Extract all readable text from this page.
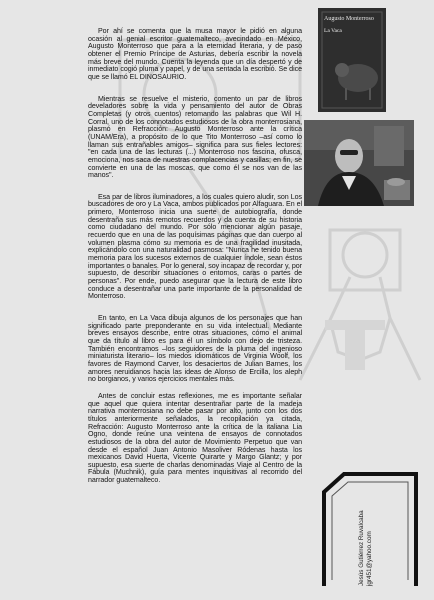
Augusto Monterroso
La Vaca

Por ahí se comenta que la musa mayor le pidió en alguna ocasión al genial escritor guatemalteco, avecindado en México, Augusto Monterroso que para a la eternidad literaria, y de paso obtener el Premio Príncipe de Asturias, debería escribir la novela más breve del mundo. Cuenta la leyenda que un día despertó y de inmediato cogió pluma y papel, y de una sentada la escribió. Se dice que se llamó EL DINOSAURIO.

Mientras se resuelve el misterio, comento un par de libros develadores sobre la vida y pensamiento del autor de Obras Completas (y otros cuentos) retomando las palabras que Wil H. Corral, uno de los connotados estudiosos de la obra monterrosiana, plasmó en Refracción: Augusto Monterroso ante la crítica (UNAM/Era), a propósito de lo que Tito Monterroso –así como lo llaman sus entrañables amigos– significa para sus fieles lectores: "en cada una de las lecturas (...) Monterroso nos fascina, ofusca, emociona, nos saca de nuestras complacencias y casillas; en fin, se convierte en una de las moscas, que como él se nos van de las manos".

Esa par de libros iluminadores, a los cuales quiero aludir, son Los buscadores de oro y La Vaca, ambos publicados por Alfaguara. En el primero, Monterroso inicia una suerte de autobiografía, donde desentraña sus más remotos recuerdos y da cuenta de su historia como ciudadano del mundo. Por sólo mencionar algún pasaje, recuerdo que en una de las poquísimas páginas que dan cuerpo al volumen plasma cómo su memoria es de una fragilidad inusitada, explicándolo con una naturalidad pasmosa: "Nunca he tenido buena memoria para los sucesos externos de cualquier índole, sean éstos importantes o banales. Por lo general, soy incapaz de recordar y, por supuesto, de describir situaciones o entornos, caras o partes de personas". Por ende, puedo asegurar que la lectura de este libro conduce a desentrañar una parte importante de la personalidad de Monterroso.

En tanto, en La Vaca dibuja algunos de los personajes que han significado parte preponderante en su vida intelectual. Mediante breves ensayos describe, entre otras situaciones, cómo el animal que da título al libro es para él un símbolo con dejo de tristeza. También encontramos –los seguidores de la pluma del ingenioso miniaturista literario– los miedos idiomáticos de Virginia Woolf, los favores de Raymond Carver, los desaciertos de Julian Barnes, los amores neruidianos hacia las ideas de Alonso de Ercilla, los aleph no borgianos, y varios ejercicios mentales más.

Antes de concluir estas reflexiones, me es importante señalar que aquel que quiera intentar desentrañar parte de la madeja narrativa monterrosiana no debe pasar por alto, junto con los dos títulos anteriormente señalados, la recopilación ya citada, Refracción: Augusto Monterroso ante la crítica de la italiana Lia Ogno, donde reúne una veintena de ensayos de connotados estudiosos de la obra del autor de Movimiento Perpetuo que van desde el español Juan Antonio Masoliver Ródenas hasta los mexicanos David Huerta, Vicente Quirarte y Margo Glantz; y por supuesto, esa suerte de charlas denominadas Viaje al Centro de la Fábula (Muchnik), guía para mentes inquisitivas al recorrido del narrador guatemalteco.

Jesús Gutiérrez Ruvalcaba jgr451@yahoo.com
